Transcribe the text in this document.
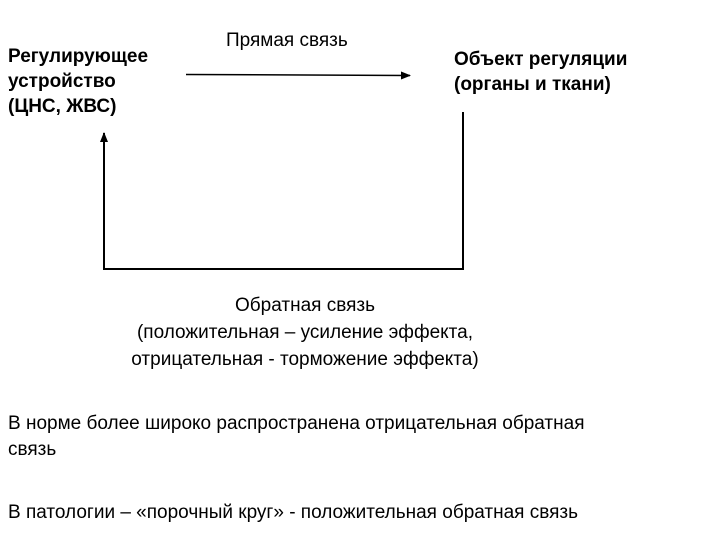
Регулирующее
устройство
(ЦНС, ЖВС)
Прямая связь
Объект регуляции
(органы и ткани)
Обратная связь
(положительная – усиление эффекта,
отрицательная - торможение эффекта)
В норме более широко распространена отрицательная обратная
связь
В патологии – «порочный круг» - положительная обратная связь
